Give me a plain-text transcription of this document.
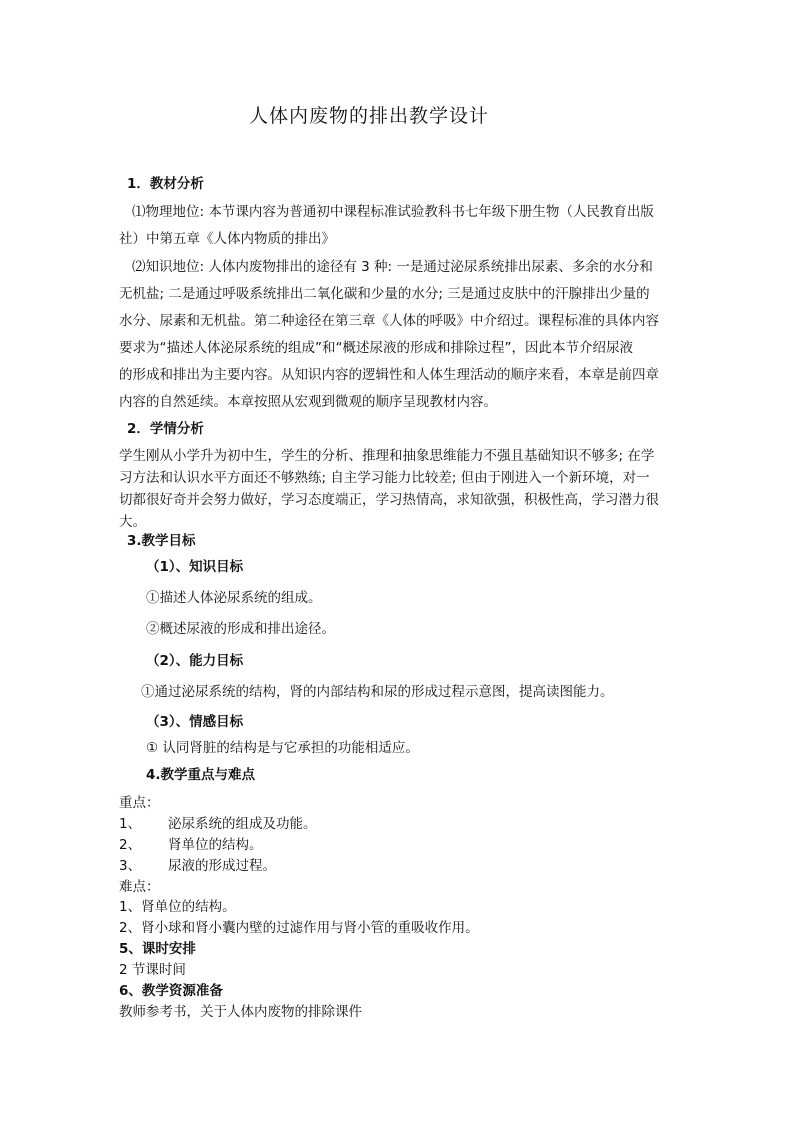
人体内废物的排出教学设计
1．教材分析
⑴物理地位: 本节课内容为普通初中课程标准试验教科书七年级下册生物（人民教育出版
社）中第五章《人体内物质的排出》
⑵知识地位: 人体内废物排出的途径有 3 种: 一是通过泌尿系统排出尿素、多余的水分和
无机盐; 二是通过呼吸系统排出二氧化碳和少量的水分; 三是通过皮肤中的汗腺排出少量的
水分、尿素和无机盐。第二种途径在第三章《人体的呼吸》中介绍过。课程标准的具体内容
要求为“描述人体泌尿系统的组成”和“概述尿液的形成和排除过程”，因此本节介绍尿液
的形成和排出为主要内容。从知识内容的逻辑性和人体生理活动的顺序来看，本章是前四章
内容的自然延续。本章按照从宏观到微观的顺序呈现教材内容。
2．学情分析
学生刚从小学升为初中生，学生的分析、推理和抽象思维能力不强且基础知识不够多; 在学
习方法和认识水平方面还不够熟练; 自主学习能力比较差; 但由于刚进入一个新环境，对一
切都很好奇并会努力做好，学习态度端正，学习热情高，求知欲强，积极性高，学习潜力很
大。
3.教学目标
（1）、知识目标
①描述人体泌尿系统的组成。
②概述尿液的形成和排出途径。
（2）、能力目标
①通过泌尿系统的结构，肾的内部结构和尿的形成过程示意图，提高读图能力。
（3）、情感目标
① 认同肾脏的结构是与它承担的功能相适应。
4.教学重点与难点
重点：
1、 泌尿系统的组成及功能。
2、 肾单位的结构。
3、 尿液的形成过程。
难点：
1、肾单位的结构。
2、肾小球和肾小囊内壁的过滤作用与肾小管的重吸收作用。
5、课时安排
2 节课时间
6、教学资源准备
教师参考书，关于人体内废物的排除课件
